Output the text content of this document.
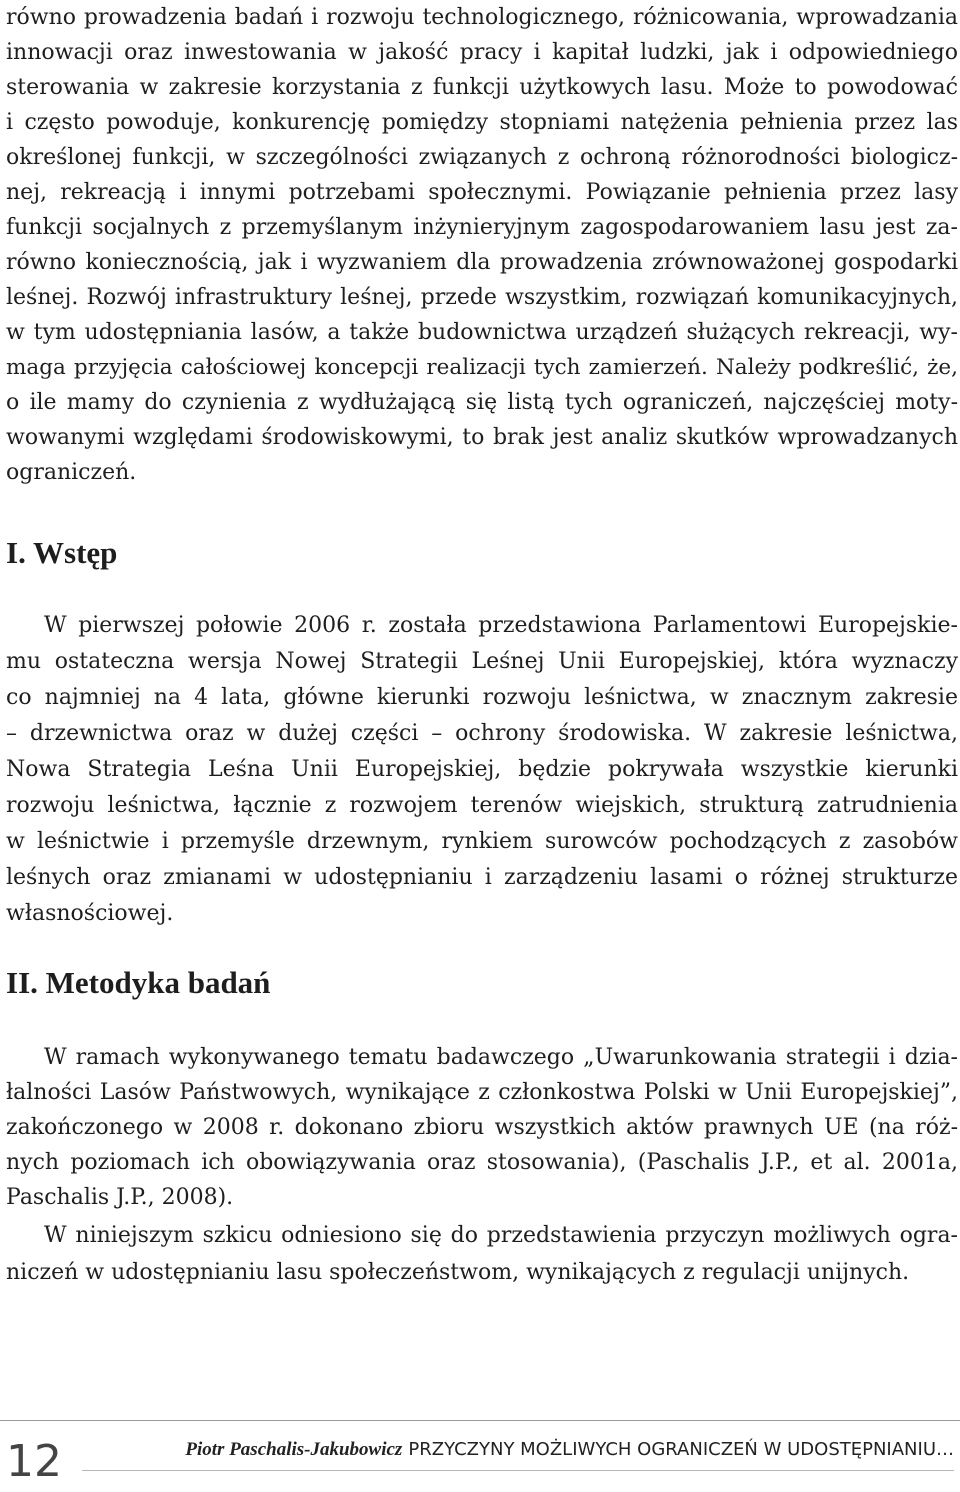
równo prowadzenia badań i rozwoju technologicznego, różnicowania, wprowadzania
innowacji oraz inwestowania w jakość pracy i kapitał ludzki, jak i odpowiedniego
sterowania w zakresie korzystania z funkcji użytkowych lasu. Może to powodować
i często powoduje, konkurencję pomiędzy stopniami natężenia pełnienia przez las
określonej funkcji, w szczególności związanych z ochroną różnorodności biologicz-
nej, rekreacją i innymi potrzebami społecznymi. Powiązanie pełnienia przez lasy
funkcji socjalnych z przemyślanym inżynieryjnym zagospodarowaniem lasu jest za-
równo koniecznością, jak i wyzwaniem dla prowadzenia zrównoważonej gospodarki
leśnej. Rozwój infrastruktury leśnej, przede wszystkim, rozwiązań komunikacyjnych,
w tym udostępniania lasów, a także budownictwa urządzeń służących rekreacji, wy-
maga przyjęcia całościowej koncepcji realizacji tych zamierzeń. Należy podkreślić, że,
o ile mamy do czynienia z wydłużającą się listą tych ograniczeń, najczęściej moty-
wowanymi względami środowiskowymi, to brak jest analiz skutków wprowadzanych
ograniczeń.
I. Wstęp
W pierwszej połowie 2006 r. została przedstawiona Parlamentowi Europejskie-
mu ostateczna wersja Nowej Strategii Leśnej Unii Europejskiej, która wyznaczy
co najmniej na 4 lata, główne kierunki rozwoju leśnictwa, w znacznym zakresie
– drzewnictwa oraz w dużej części – ochrony środowiska. W zakresie leśnictwa,
Nowa Strategia Leśna Unii Europejskiej, będzie pokrywała wszystkie kierunki
rozwoju leśnictwa, łącznie z rozwojem terenów wiejskich, strukturą zatrudnienia
w leśnictwie i przemyśle drzewnym, rynkiem surowców pochodzących z zasobów
leśnych oraz zmianami w udostępnianiu i zarządzeniu lasami o różnej strukturze
własnościowej.
II. Metodyka badań
W ramach wykonywanego tematu badawczego „Uwarunkowania strategii i dzia-
łalności Lasów Państwowych, wynikające z członkostwa Polski w Unii Europejskiej”,
zakończonego w 2008 r. dokonano zbioru wszystkich aktów prawnych UE (na róż-
nych poziomach ich obowiązywania oraz stosowania), (Paschalis J.P., et al. 2001a,
Paschalis J.P., 2008).
W niniejszym szkicu odniesiono się do przedstawienia przyczyn możliwych ogra-
niczeń w udostępnianiu lasu społeczeństwom, wynikających z regulacji unijnych.
12	Piotr Paschalis-Jakubowicz PRZYCZYNY MOŻLIWYCH OGRANICZEŃ W UDOSTĘPNIANIU…
